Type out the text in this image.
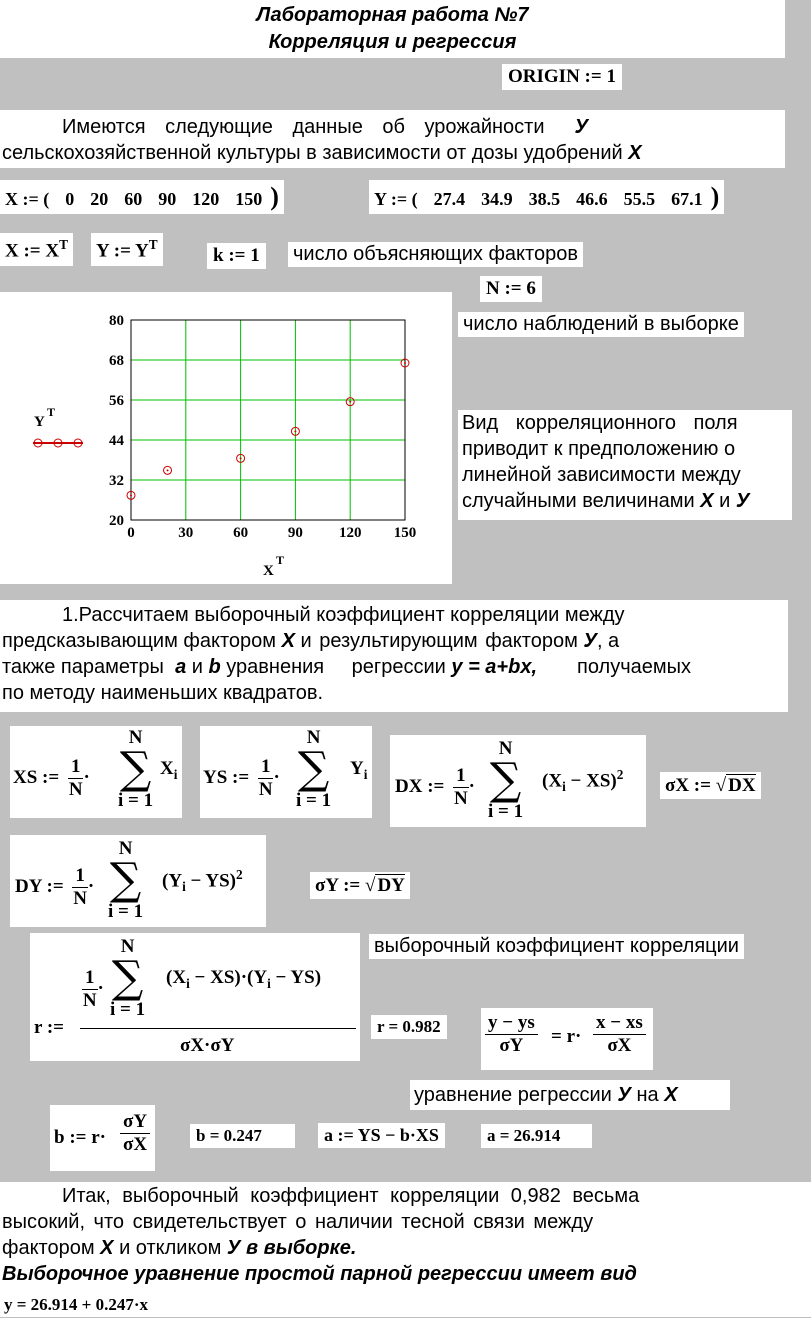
Лабораторная работа №7
Корреляция и регрессия
ORIGIN := 1
Имеются следующие данные об урожайности У
сельскохозяйственной культуры в зависимости от дозы удобрений X
X := ( 0 20 60 90 120 150 )	Y := ( 27.4 34.9 38.5 46.6 55.5 67.1 )
X := $X^T$ Y := $Y^T$
k := 1	число объясняющих факторов
N := 6
0	30	60	90 120 150
20
32
44
56
68
80
X
T
Y
T
число наблюдений в выборке
Вид корреляционного поля
приводит к предположению о
линейной зависимости между
случайными величинами X и У
1.Рассчитаем выборочный коэффициент корреляции между
предсказывающим фактором X и результирующим фактором У, а
также параметры a и b уравнения регрессии y = a+bx, получаемых
по методу наименьших квадратов.
XS := $\frac{1}{N}$ ·
N
∑
i = 1
$X_i$ YS := $\frac{1}{N}$ ·
N
∑
i = 1
$Y_i$
DX := $\frac{1}{N}$ ·
N
∑
i = 1
$(X_i - XS)^2$
σX := √ DX
DY := $\frac{1}{N}$ ·
N
∑
i = 1
$(Y_i - YS)^2$
σY := √ DY
r :=
$\frac{1}{N}$ ·
N
∑
i = 1
$(X_i - XS)\cdot(Y_i - YS)$
σX·σY
выборочный коэффициент корреляции
r = 0.982	$\frac{y - ys}{\sigma Y} = r\cdot \frac{x - xs}{\sigma X}$
уравнение регрессии У на X
b := $r\cdot \frac{\sigma Y}{\sigma X}$	b = 0.247	a := YS − b·XS	a = 26.914
Итак, выборочный коэффициент корреляции 0,982 весьма
высокий, что свидетельствует о наличии тесной связи между
фактором X и откликом У в выборке.
Выборочное уравнение простой парной регрессии имеет вид
y = 26.914 + 0.247·x
